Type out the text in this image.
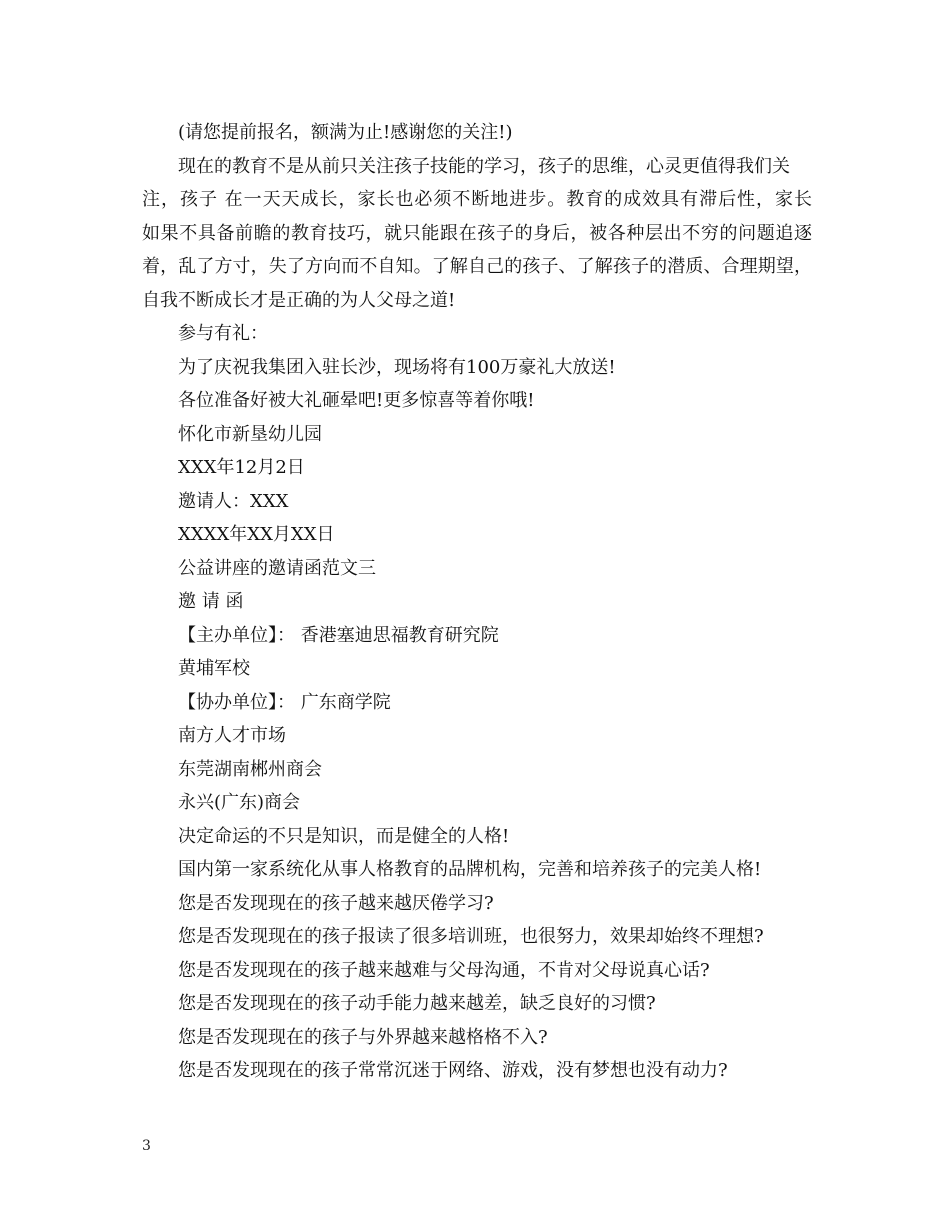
(请您提前报名，额满为止!感谢您的关注!)
现在的教育不是从前只关注孩子技能的学习，孩子的思维，心灵更值得我们关
注，孩子 在一天天成长，家长也必须不断地进步。教育的成效具有滞后性，家长
如果不具备前瞻的教育技巧，就只能跟在孩子的身后，被各种层出不穷的问题追逐
着，乱了方寸，失了方向而不自知。了解自己的孩子、了解孩子的潜质、合理期望，
自我不断成长才是正确的为人父母之道!
参与有礼：
为了庆祝我集团入驻长沙，现场将有100万豪礼大放送!
各位准备好被大礼砸晕吧!更多惊喜等着你哦!
怀化市新垦幼儿园
XXX年12月2日
邀请人：XXX
XXXX年XX月XX日
公益讲座的邀请函范文三
邀 请 函
【主办单位】： 香港塞迪思福教育研究院
黄埔军校
【协办单位】： 广东商学院
南方人才市场
东莞湖南郴州商会
永兴(广东)商会
决定命运的不只是知识，而是健全的人格!
国内第一家系统化从事人格教育的品牌机构，完善和培养孩子的完美人格!
您是否发现现在的孩子越来越厌倦学习?
您是否发现现在的孩子报读了很多培训班，也很努力，效果却始终不理想?
您是否发现现在的孩子越来越难与父母沟通，不肯对父母说真心话?
您是否发现现在的孩子动手能力越来越差，缺乏良好的习惯?
您是否发现现在的孩子与外界越来越格格不入?
您是否发现现在的孩子常常沉迷于网络、游戏，没有梦想也没有动力?
3
